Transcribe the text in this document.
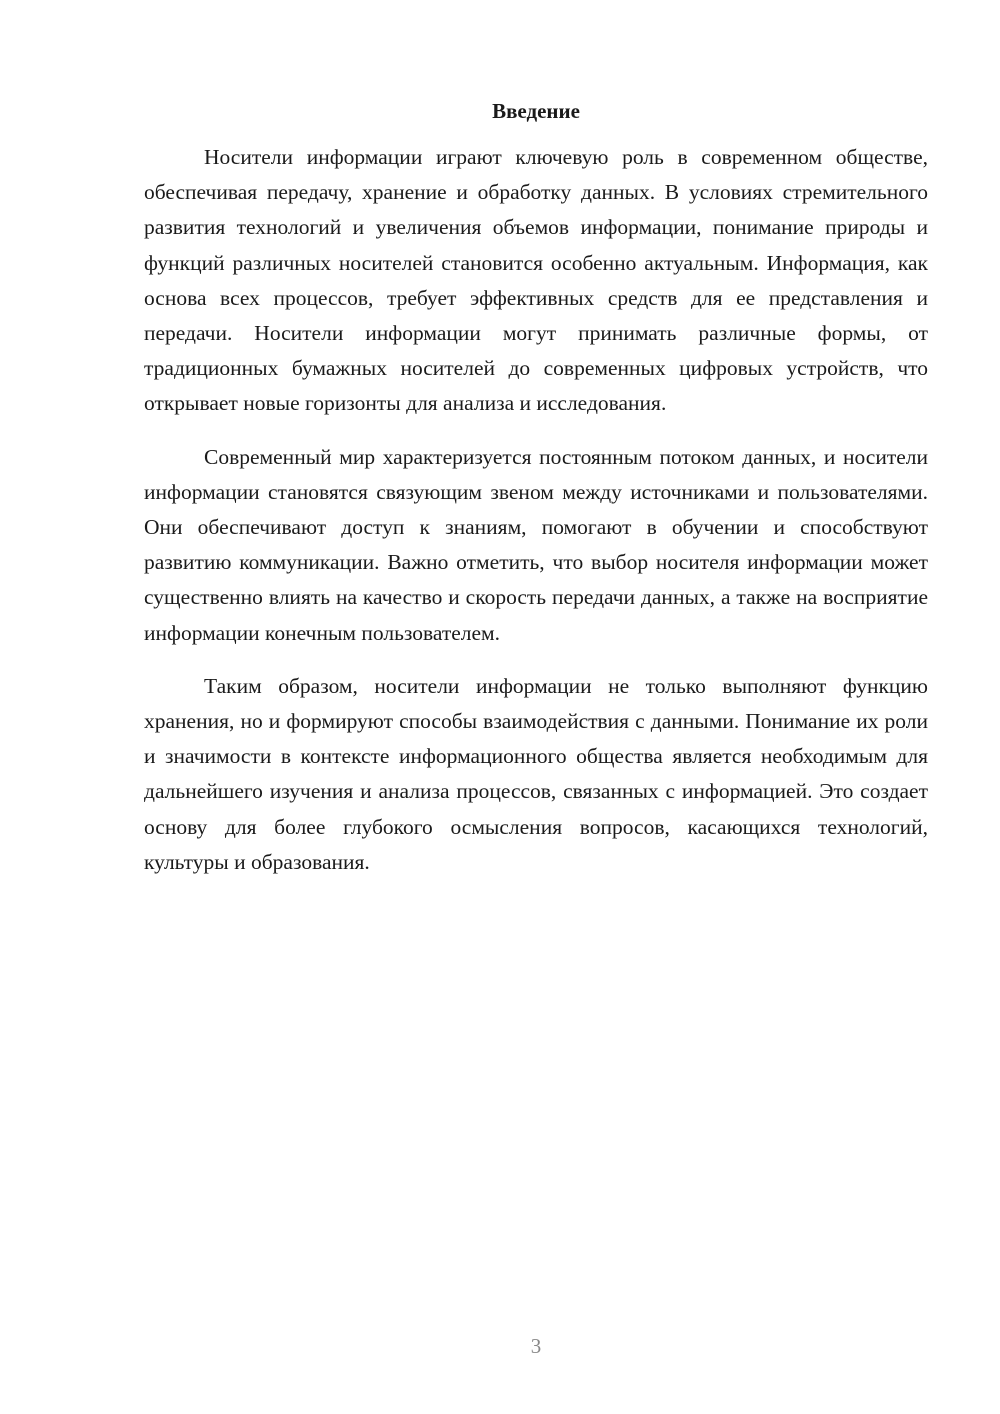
Введение

Носители информации играют ключевую роль в современном обществе, обеспечивая передачу, хранение и обработку данных. В условиях стремительного развития технологий и увеличения объемов информации, понимание природы и функций различных носителей становится особенно актуальным. Информация, как основа всех процессов, требует эффективных средств для ее представления и передачи. Носители информации могут принимать различные формы, от традиционных бумажных носителей до современных цифровых устройств, что открывает новые горизонты для анализа и исследования.

Современный мир характеризуется постоянным потоком данных, и носители информации становятся связующим звеном между источниками и пользователями. Они обеспечивают доступ к знаниям, помогают в обучении и способствуют развитию коммуникации. Важно отметить, что выбор носителя информации может существенно влиять на качество и скорость передачи данных, а также на восприятие информации конечным пользователем.

Таким образом, носители информации не только выполняют функцию хранения, но и формируют способы взаимодействия с данными. Понимание их роли и значимости в контексте информационного общества является необходимым для дальнейшего изучения и анализа процессов, связанных с информацией. Это создает основу для более глубокого осмысления вопросов, касающихся технологий, культуры и образования.

3
